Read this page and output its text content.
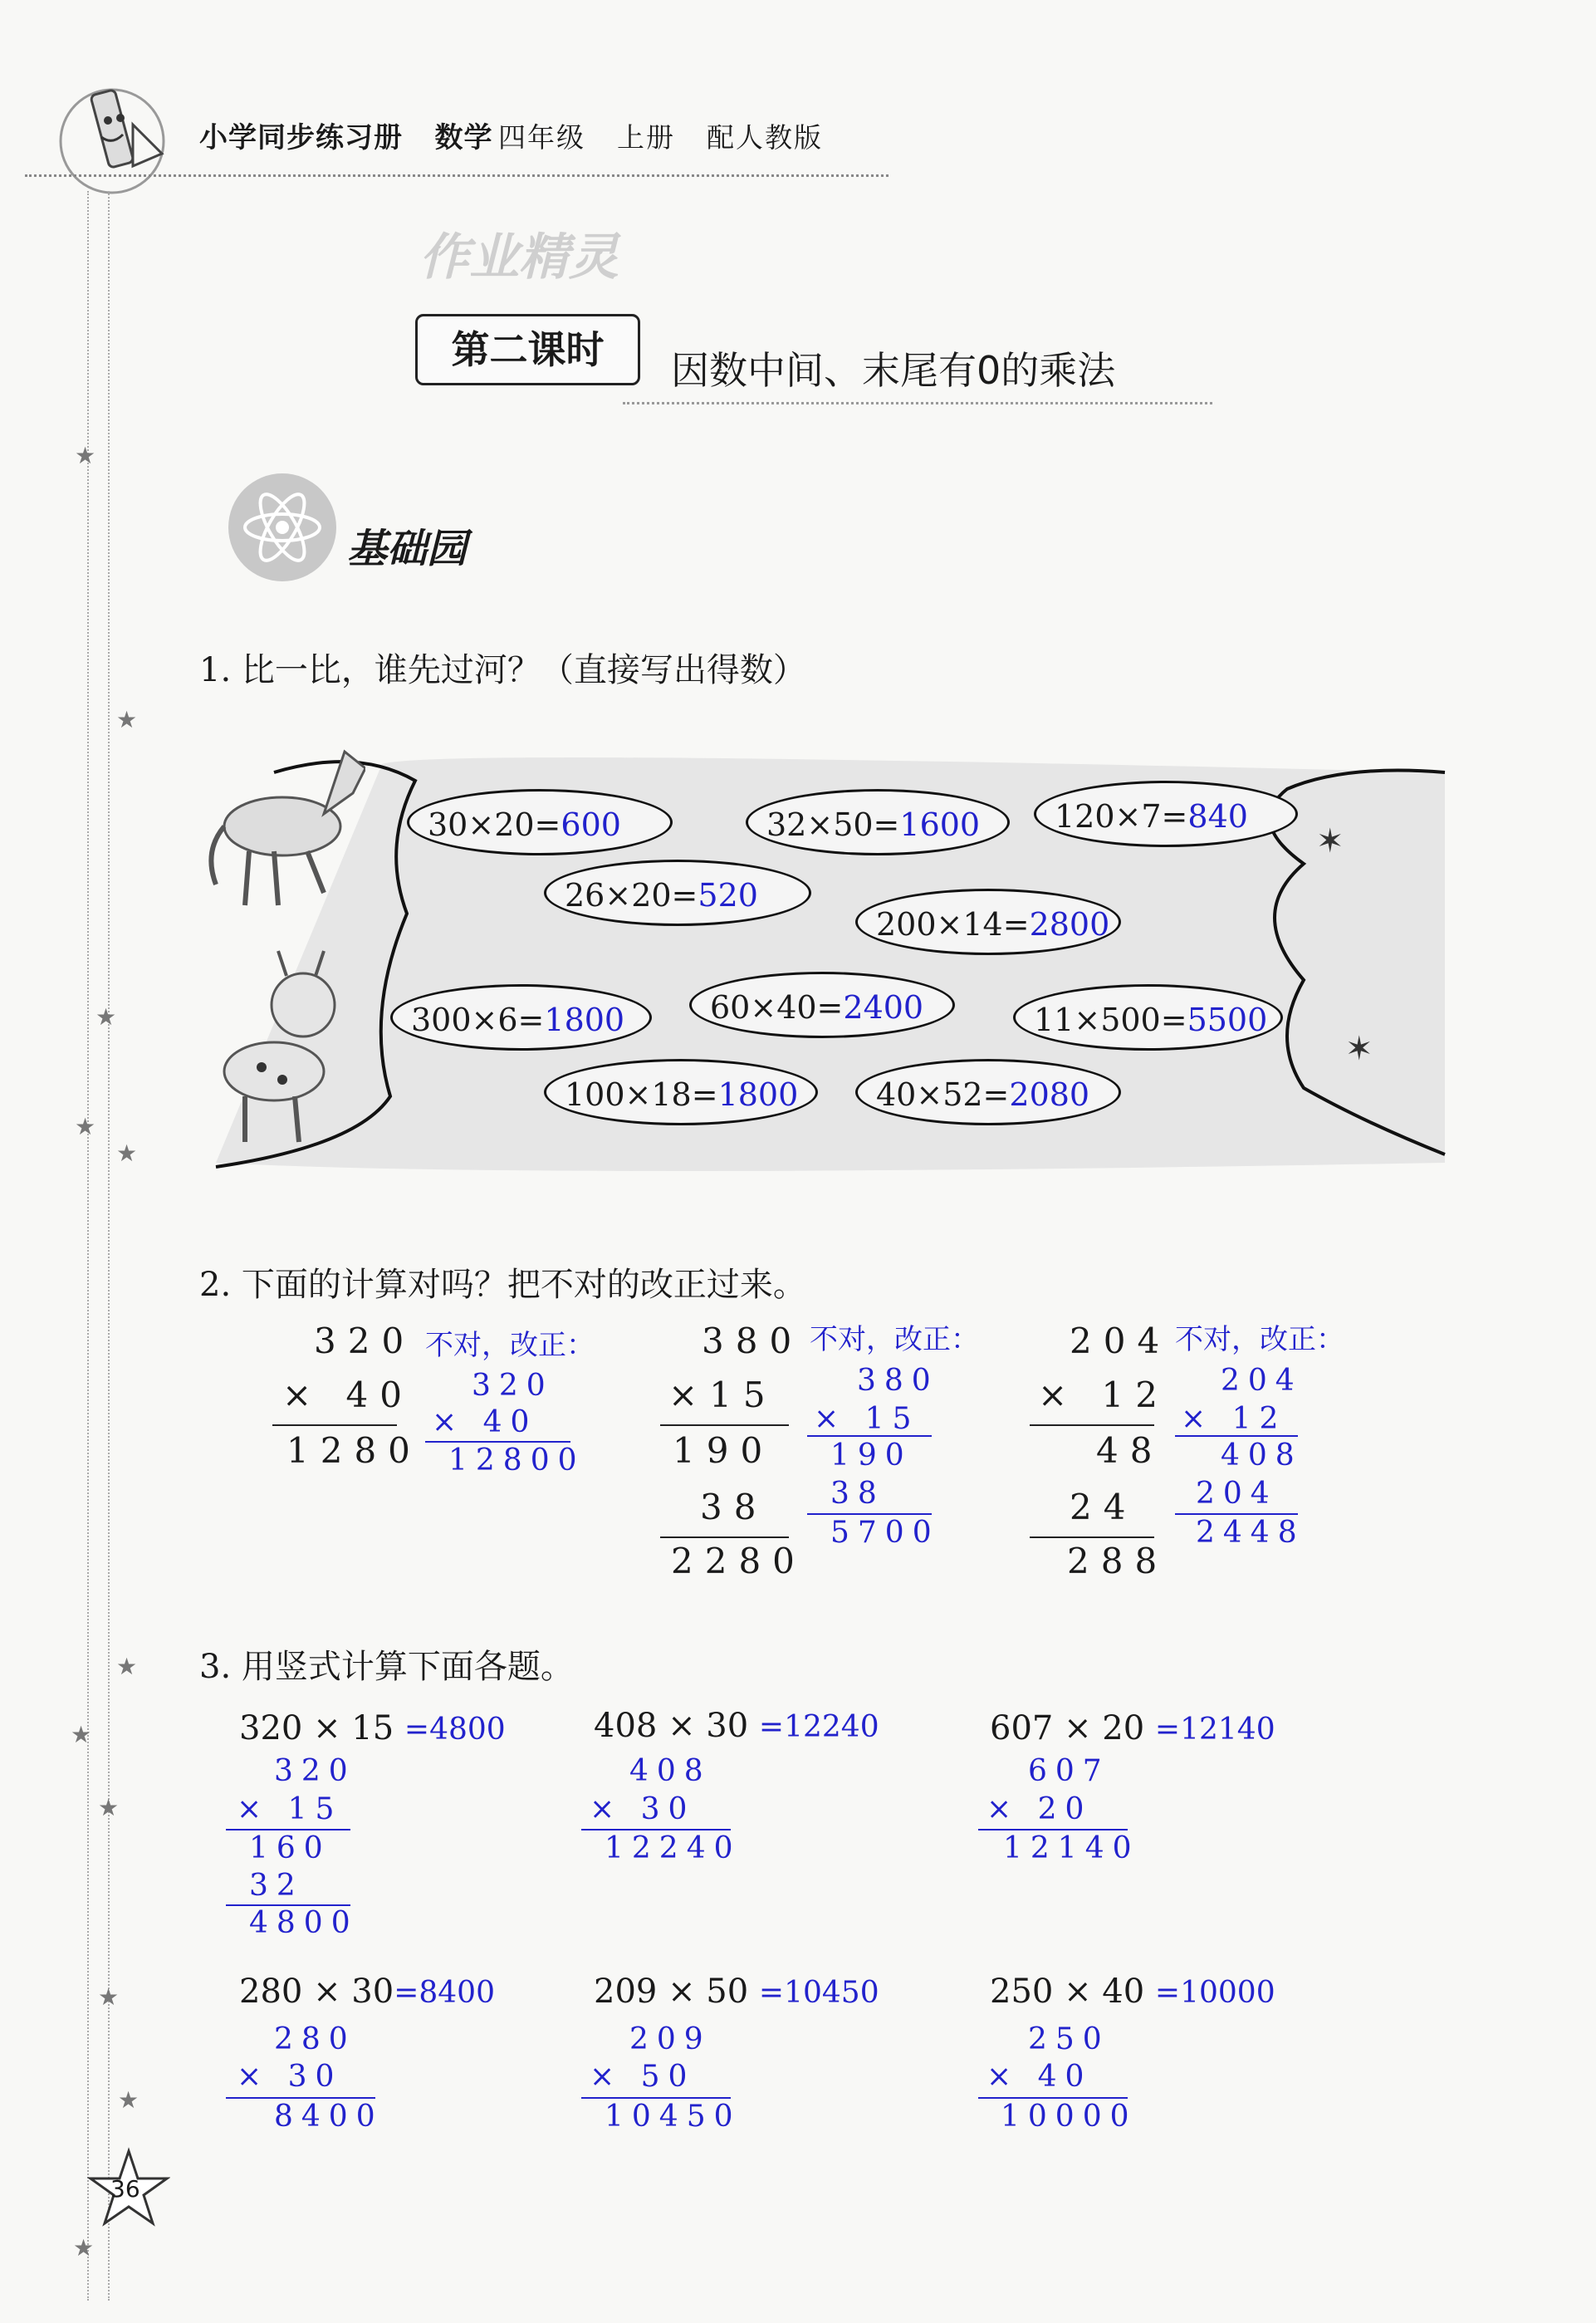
小学同步练习册 数学 四年级 上册 配人教版
★
★
★
★
★
★
★
★
★
★
★
作业精灵
第二课时	因数中间、末尾有0的乘法
基础园
1. 比一比，谁先过河？（直接写出得数）
✶
✶
30×20=600	32×50=1600	120×7=840
26×20=520
200×14=2800
300×6=1800	60×40=2400	11×500=5500
100×18=1800	40×52=2080
2. 下面的计算对吗？把不对的改正过来。
320
× 40
1280
不对，改正：
320
× 40
12800
380
×15
190
38
2280
不对，改正：
380
× 15
190
38
5700
204
× 12
48
24
288
不对，改正：
204
× 12
408
204
2448
3. 用竖式计算下面各题。
320 × 15 =4800
320
× 15
160
32
4800
408 × 30 =12240
408
× 30
12240
607 × 20 =12140
607
× 20
12140
280 × 30=8400
280
× 30
8400
209 × 50 =10450
209
× 50
10450
250 × 40 =10000
250
× 40
10000
36
